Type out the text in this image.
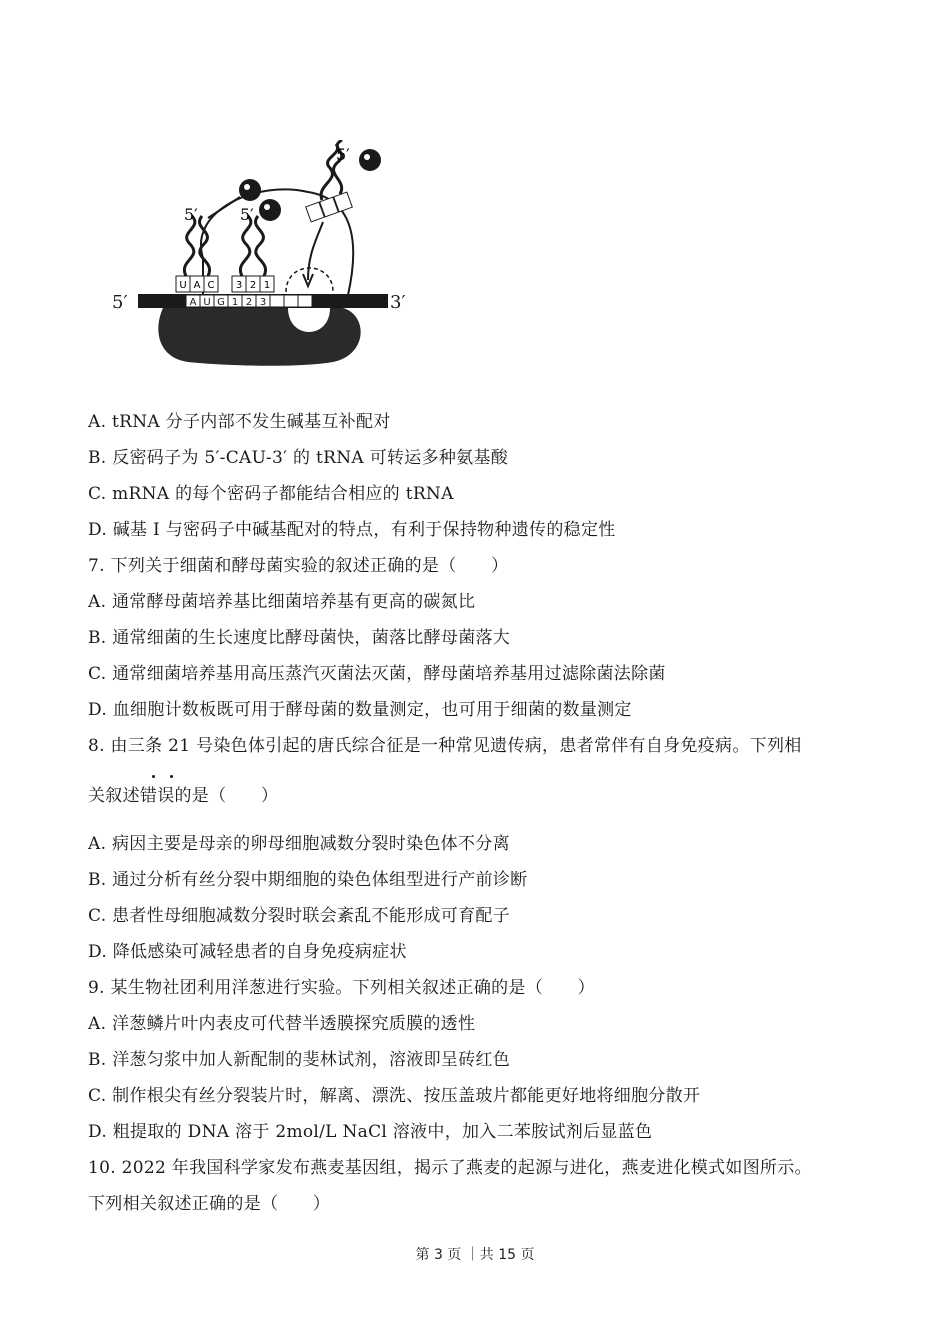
A U G 1 2 3
5′	3′
U A C
5′
3 2 1
5′
5′
A. tRNA 分子内部不发生碱基互补配对
B. 反密码子为 5′-CAU-3′ 的 tRNA 可转运多种氨基酸
C. mRNA 的每个密码子都能结合相应的 tRNA
D. 碱基 I 与密码子中碱基配对的特点，有利于保持物种遗传的稳定性
7. 下列关于细菌和酵母菌实验的叙述正确的是（　　）
A. 通常酵母菌培养基比细菌培养基有更高的碳氮比
B. 通常细菌的生长速度比酵母菌快，菌落比酵母菌落大
C. 通常细菌培养基用高压蒸汽灭菌法灭菌，酵母菌培养基用过滤除菌法除菌
D. 血细胞计数板既可用于酵母菌的数量测定，也可用于细菌的数量测定
8. 由三条 21 号染色体引起的唐氏综合征是一种常见遗传病，患者常伴有自身免疫病。下列相
关叙述错误的是（　　）
A. 病因主要是母亲的卵母细胞减数分裂时染色体不分离
B. 通过分析有丝分裂中期细胞的染色体组型进行产前诊断
C. 患者性母细胞减数分裂时联会紊乱不能形成可育配子
D. 降低感染可减轻患者的自身免疫病症状
9. 某生物社团利用洋葱进行实验。下列相关叙述正确的是（　　）
A. 洋葱鳞片叶内表皮可代替半透膜探究质膜的透性
B. 洋葱匀浆中加人新配制的斐林试剂，溶液即呈砖红色
C. 制作根尖有丝分裂装片时，解离、漂洗、按压盖玻片都能更好地将细胞分散开
D. 粗提取的 DNA 溶于 2mol/L NaCl 溶液中，加入二苯胺试剂后显蓝色
10. 2022 年我国科学家发布燕麦基因组，揭示了燕麦的起源与进化，燕麦进化模式如图所示。
下列相关叙述正确的是（　　）
第 3 页 ｜共 15 页
